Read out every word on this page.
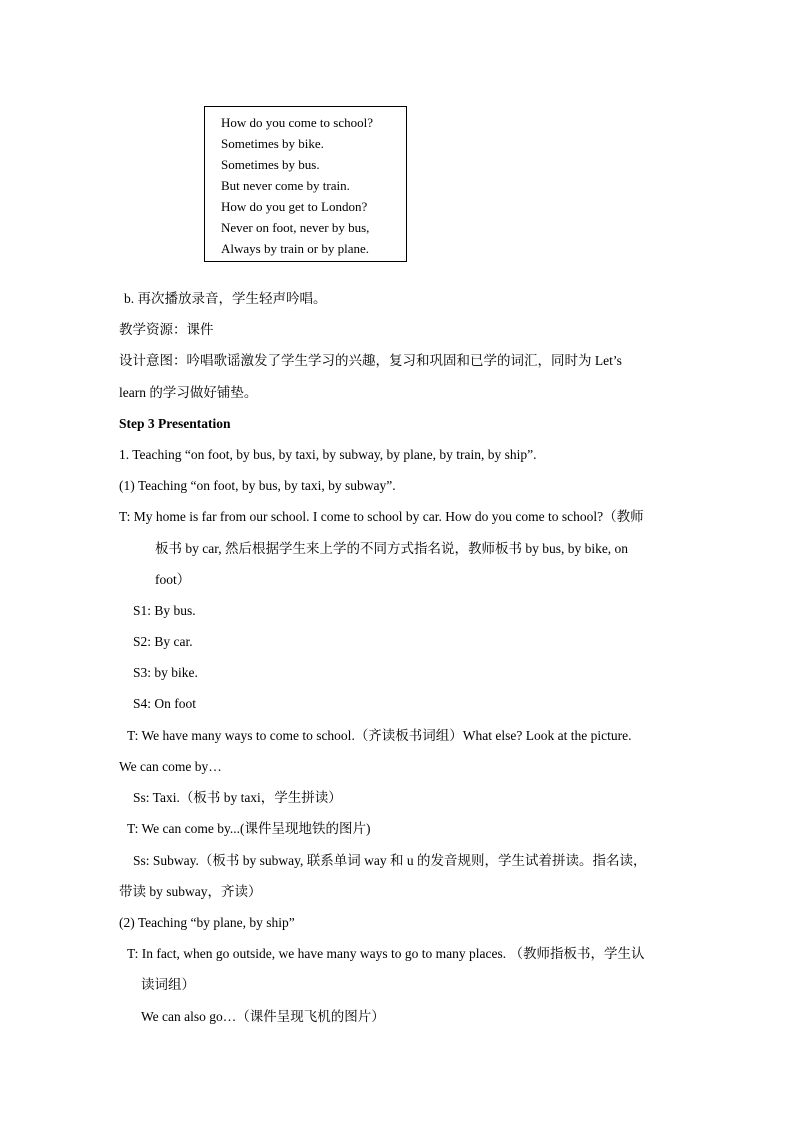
How do you come to school?
Sometimes by bike.
Sometimes by bus.
But never come by train.
How do you get to London?
Never on foot, never by bus,
Always by train or by plane.
b. 再次播放录音，学生轻声吟唱。
教学资源：课件
设计意图：吟唱歌谣激发了学生学习的兴趣，复习和巩固和已学的词汇，同时为 Let’s
learn 的学习做好铺垫。
Step 3 Presentation
1. Teaching “on foot, by bus, by taxi, by subway, by plane, by train, by ship”.
(1) Teaching “on foot, by bus, by taxi, by subway”.
T: My home is far from our school. I come to school by car. How do you come to school?（教师
板书 by car, 然后根据学生来上学的不同方式指名说，教师板书 by bus, by bike, on
foot）
S1: By bus.
S2: By car.
S3: by bike.
S4: On foot
T: We have many ways to come to school.（齐读板书词组）What else? Look at the picture.
We can come by…
Ss: Taxi.（板书 by taxi，学生拼读）
T: We can come by...(课件呈现地铁的图片)
Ss: Subway.（板书 by subway, 联系单词 way 和 u 的发音规则，学生试着拼读。指名读，
带读 by subway，齐读）
(2) Teaching “by plane, by ship”
T: In fact, when go outside, we have many ways to go to many places. （教师指板书，学生认
读词组）
We can also go…（课件呈现飞机的图片）
